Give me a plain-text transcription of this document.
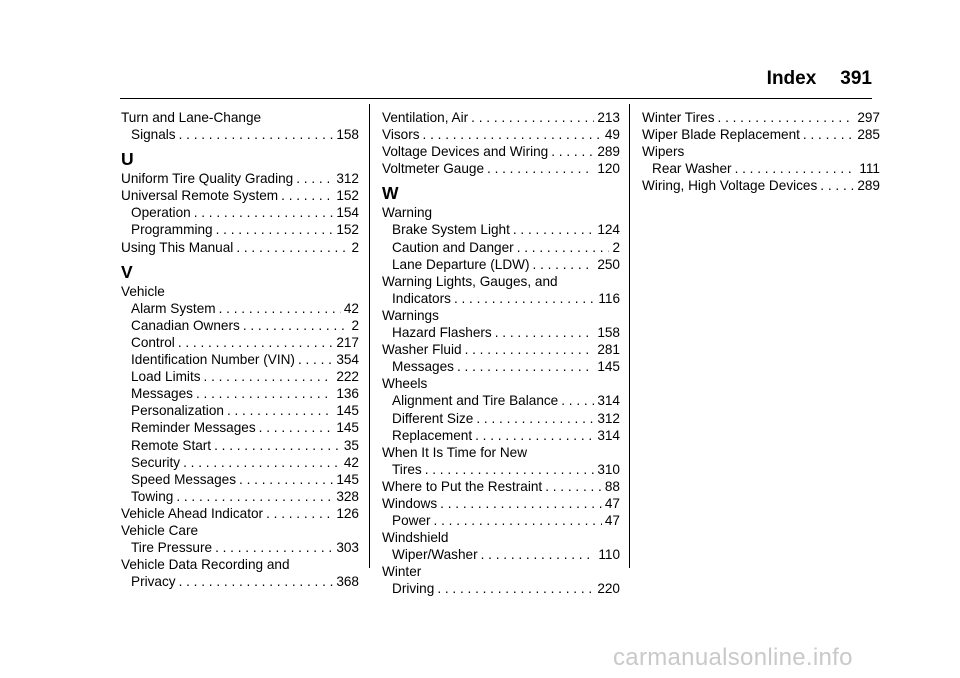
Index 391
Turn and Lane-Change
Signals . . .	158
U
Uniform Tire Quality Grading . . .	312
Universal Remote System . . .	152
Operation . . .	154
Programming . . .	152
Using This Manual . . .	2
V
Vehicle
Alarm System . . .	42
Canadian Owners . . .	2
Control . . .	217
Identification Number (VIN) . . .	354
Load Limits . . .	222
Messages . . .	136
Personalization . . .	145
Reminder Messages . . .	145
Remote Start . . .	35
Security . . .	42
Speed Messages . . .	145
Towing . . .	328
Vehicle Ahead Indicator . . .	126
Vehicle Care
Tire Pressure . . .	303
Vehicle Data Recording and
Privacy . . .	368
Ventilation, Air . . .	213
Visors . . .	49
Voltage Devices and Wiring . . .	289
Voltmeter Gauge . . .	120
W
Warning
Brake System Light . . .	124
Caution and Danger . . .	2
Lane Departure (LDW) . . .	250
Warning Lights, Gauges, and
Indicators . . .	116
Warnings
Hazard Flashers . . .	158
Washer Fluid . . .	281
Messages . . .	145
Wheels
Alignment and Tire Balance . . .	314
Different Size . . .	312
Replacement . . .	314
When It Is Time for New
Tires . . .	310
Where to Put the Restraint . . .	88
Windows . . .	47
Power . . .	47
Windshield
Wiper/Washer . . .	110
Winter
Driving . . .	220
Winter Tires . . .	297
Wiper Blade Replacement . . .	285
Wipers
Rear Washer . . .	111
Wiring, High Voltage Devices . . .	289
carmanualsonline.info
